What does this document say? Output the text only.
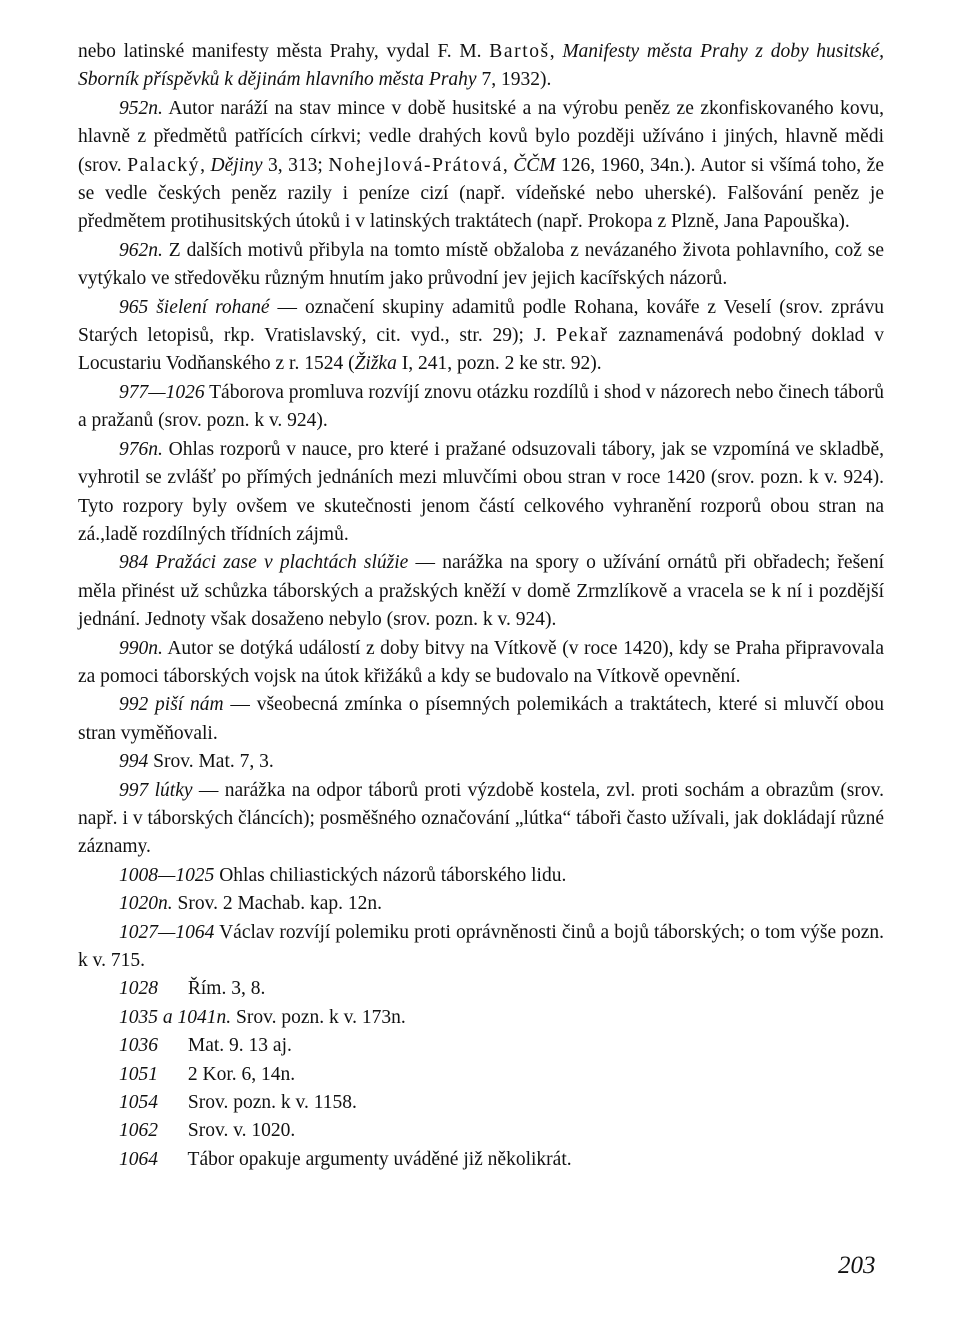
nebo latinské manifesty města Prahy, vydal F. M. Bartoš, Manifesty města Prahy z doby husitské, Sborník příspěvků k dějinám hlavního města Prahy 7, 1932).

952n. Autor naráží na stav mince v době husitské a na výrobu peněz ze zkonfiskovaného kovu, hlavně z předmětů patřících církvi; vedle drahých kovů bylo později užíváno i jiných, hlavně mědi (srov. Palacký, Dějiny 3, 313; Nohejlová-Prátová, ČČM 126, 1960, 34n.). Autor si všímá toho, že se vedle českých peněz razily i peníze cizí (např. vídeňské nebo uherské). Falšování peněz je předmětem protihusitských útoků i v latinských traktátech (např. Prokopa z Plzně, Jana Papouška).

962n. Z dalších motivů přibyla na tomto místě obžaloba z nevázaného života pohlavního, což se vytýkalo ve středověku různým hnutím jako průvodní jev jejich kacířských názorů.

965 šielení rohané — označení skupiny adamitů podle Rohana, kováře z Veselí (srov. zprávu Starých letopisů, rkp. Vratislavský, cit. vyd., str. 29); J. Pekař zaznamenává podobný doklad v Locustariu Vodňanského z r. 1524 (Žižka I, 241, pozn. 2 ke str. 92).

977—1026 Táborova promluva rozvíjí znovu otázku rozdílů i shod v názorech nebo činech táborů a pražanů (srov. pozn. k v. 924).

976n. Ohlas rozporů v nauce, pro které i pražané odsuzovali tábory, jak se vzpomíná ve skladbě, vyhrotil se zvlášť po přímých jednáních mezi mluvčími obou stran v roce 1420 (srov. pozn. k v. 924). Tyto rozpory byly ovšem ve skutečnosti jenom částí celkového vyhranění rozporů obou stran na zá.,ladě rozdílných třídních zájmů.

984 Pražáci zase v plachtách slúžie — narážka na spory o užívání ornátů při obřadech; řešení měla přinést už schůzka táborských a pražských kněží v domě Zrmzlíkově a vracela se k ní i pozdější jednání. Jednoty však dosaženo nebylo (srov. pozn. k v. 924).

990n. Autor se dotýká událostí z doby bitvy na Vítkově (v roce 1420), kdy se Praha připravovala za pomoci táborských vojsk na útok křižáků a kdy se budovalo na Vítkově opevnění.

992 piší nám — všeobecná zmínka o písemných polemikách a traktátech, které si mluvčí obou stran vyměňovali.

994 Srov. Mat. 7, 3.

997 lútky — narážka na odpor táborů proti výzdobě kostela, zvl. proti sochám a obrazům (srov. např. i v táborských článcích); posměšného označování „lútka“ táboři často užívali, jak dokládají různé záznamy.

1008—1025 Ohlas chiliastických názorů táborského lidu.

1020n. Srov. 2 Machab. kap. 12n.

1027—1064 Václav rozvíjí polemiku proti oprávněnosti činů a bojů táborských; o tom výše pozn. k v. 715.

1028 Řím. 3, 8.

1035 a 1041n. Srov. pozn. k v. 173n.

1036 Mat. 9. 13 aj.

1051 2 Kor. 6, 14n.

1054 Srov. pozn. k v. 1158.

1062 Srov. v. 1020.

1064 Tábor opakuje argumenty uváděné již několikrát.

203
